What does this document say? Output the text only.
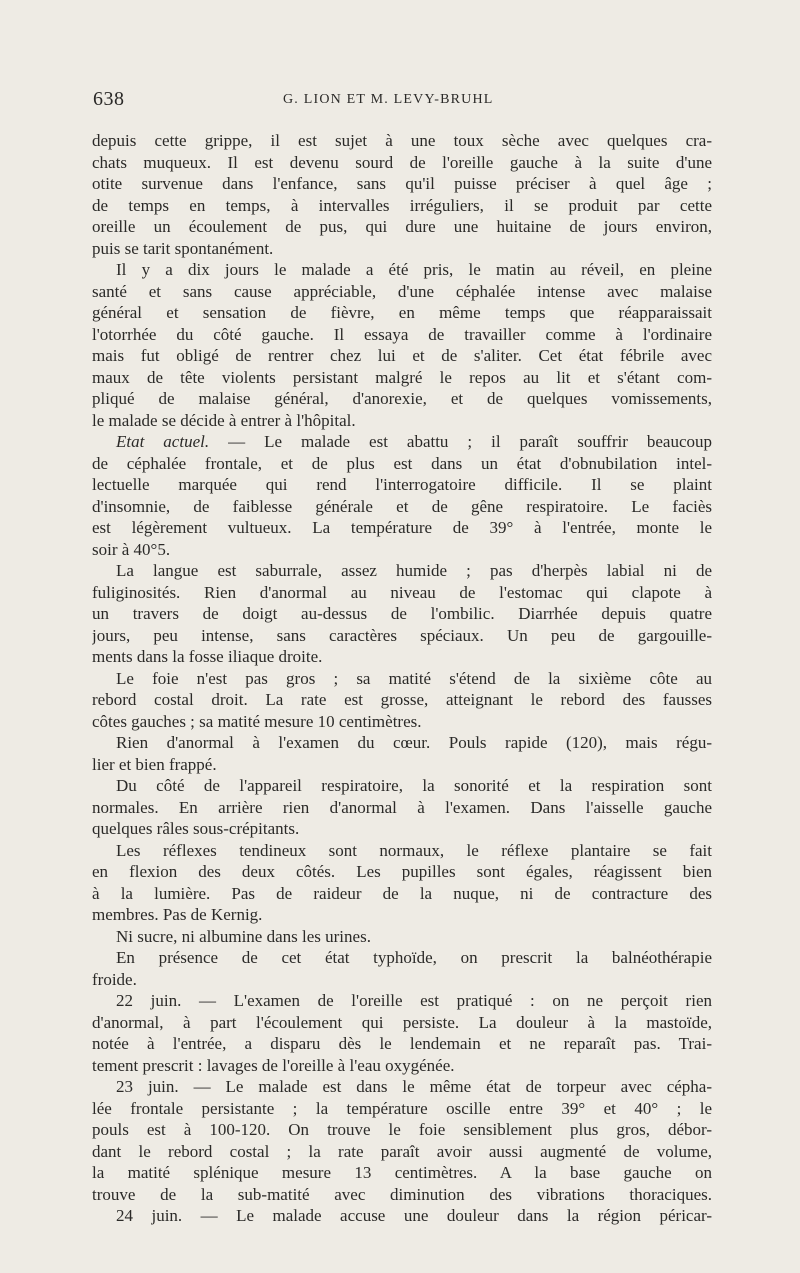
638	G. LION ET M. LEVY-BRUHL
depuis cette grippe, il est sujet à une toux sèche avec quelques cra-
chats muqueux. Il est devenu sourd de l'oreille gauche à la suite d'une
otite survenue dans l'enfance, sans qu'il puisse préciser à quel âge ;
de temps en temps, à intervalles irréguliers, il se produit par cette
oreille un écoulement de pus, qui dure une huitaine de jours environ,
puis se tarit spontanément.
Il y a dix jours le malade a été pris, le matin au réveil, en pleine
santé et sans cause appréciable, d'une céphalée intense avec malaise
général et sensation de fièvre, en même temps que réapparaissait
l'otorrhée du côté gauche. Il essaya de travailler comme à l'ordinaire
mais fut obligé de rentrer chez lui et de s'aliter. Cet état fébrile avec
maux de tête violents persistant malgré le repos au lit et s'étant com-
pliqué de malaise général, d'anorexie, et de quelques vomissements,
le malade se décide à entrer à l'hôpital.
Etat actuel. — Le malade est abattu ; il paraît souffrir beaucoup
de céphalée frontale, et de plus est dans un état d'obnubilation intel-
lectuelle marquée qui rend l'interrogatoire difficile. Il se plaint
d'insomnie, de faiblesse générale et de gêne respiratoire. Le faciès
est légèrement vultueux. La température de 39° à l'entrée, monte le
soir à 40°5.
La langue est saburrale, assez humide ; pas d'herpès labial ni de
fuliginosités. Rien d'anormal au niveau de l'estomac qui clapote à
un travers de doigt au-dessus de l'ombilic. Diarrhée depuis quatre
jours, peu intense, sans caractères spéciaux. Un peu de gargouille-
ments dans la fosse iliaque droite.
Le foie n'est pas gros ; sa matité s'étend de la sixième côte au
rebord costal droit. La rate est grosse, atteignant le rebord des fausses
côtes gauches ; sa matité mesure 10 centimètres.
Rien d'anormal à l'examen du cœur. Pouls rapide (120), mais régu-
lier et bien frappé.
Du côté de l'appareil respiratoire, la sonorité et la respiration sont
normales. En arrière rien d'anormal à l'examen. Dans l'aisselle gauche
quelques râles sous-crépitants.
Les réflexes tendineux sont normaux, le réflexe plantaire se fait
en flexion des deux côtés. Les pupilles sont égales, réagissent bien
à la lumière. Pas de raideur de la nuque, ni de contracture des
membres. Pas de Kernig.
Ni sucre, ni albumine dans les urines.
En présence de cet état typhoïde, on prescrit la balnéothérapie
froide.
22 juin. — L'examen de l'oreille est pratiqué : on ne perçoit rien
d'anormal, à part l'écoulement qui persiste. La douleur à la mastoïde,
notée à l'entrée, a disparu dès le lendemain et ne reparaît pas. Trai-
tement prescrit : lavages de l'oreille à l'eau oxygénée.
23 juin. — Le malade est dans le même état de torpeur avec cépha-
lée frontale persistante ; la température oscille entre 39° et 40° ; le
pouls est à 100-120. On trouve le foie sensiblement plus gros, débor-
dant le rebord costal ; la rate paraît avoir aussi augmenté de volume,
la matité splénique mesure 13 centimètres. A la base gauche on
trouve de la sub-matité avec diminution des vibrations thoraciques.
24 juin. — Le malade accuse une douleur dans la région péricar-
